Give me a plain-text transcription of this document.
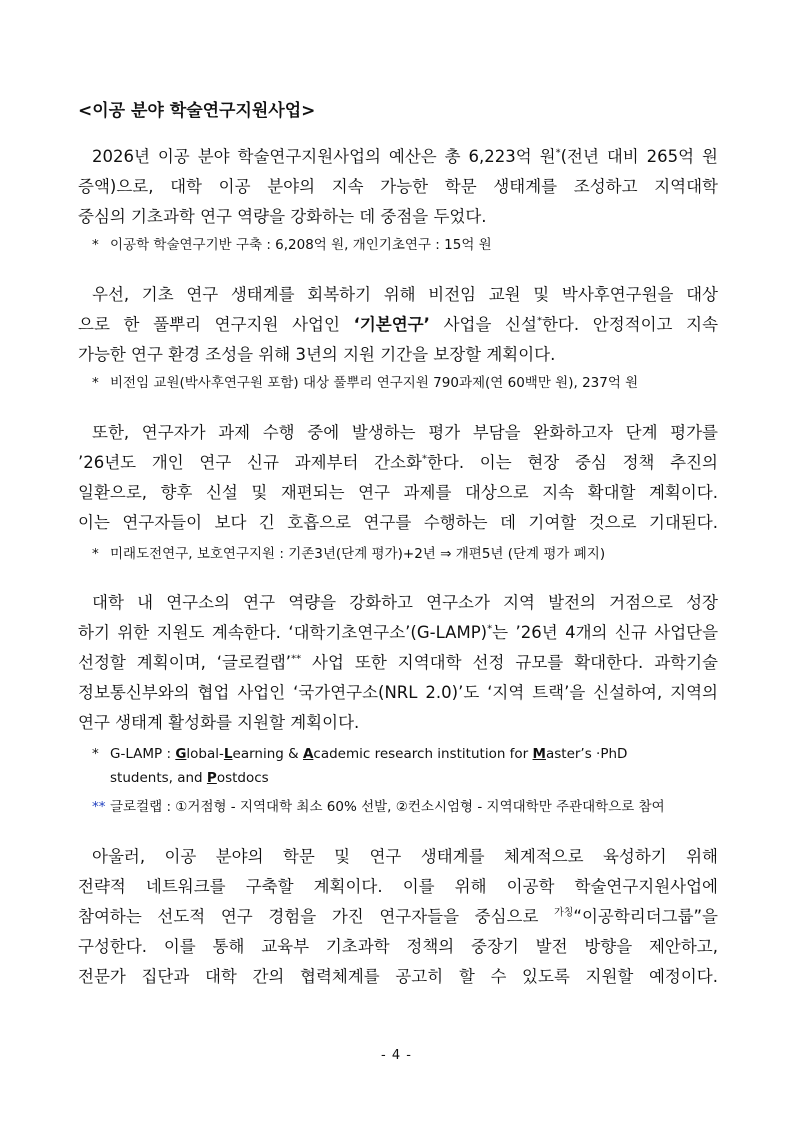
<이공 분야 학술연구지원사업>
2026년 이공 분야 학술연구지원사업의 예산은 총 6,223억 원*(전년 대비 265억 원
증액)으로, 대학 이공 분야의 지속 가능한 학문 생태계를 조성하고 지역대학
중심의 기초과학 연구 역량을 강화하는 데 중점을 두었다.
* 이공학 학술연구기반 구축 : 6,208억 원, 개인기초연구 : 15억 원
우선, 기초 연구 생태계를 회복하기 위해 비전임 교원 및 박사후연구원을 대상
으로 한 풀뿌리 연구지원 사업인 ‘기본연구’ 사업을 신설*한다. 안정적이고 지속
가능한 연구 환경 조성을 위해 3년의 지원 기간을 보장할 계획이다.
* 비전임 교원(박사후연구원 포함) 대상 풀뿌리 연구지원 790과제(연 60백만 원), 237억 원
또한, 연구자가 과제 수행 중에 발생하는 평가 부담을 완화하고자 단계 평가를
’26년도 개인 연구 신규 과제부터 간소화*한다. 이는 현장 중심 정책 추진의
일환으로, 향후 신설 및 재편되는 연구 과제를 대상으로 지속 확대할 계획이다.
이는 연구자들이 보다 긴 호흡으로 연구를 수행하는 데 기여할 것으로 기대된다.
* 미래도전연구, 보호연구지원 : 기존3년(단계 평가)+2년 ⇒ 개편5년 (단계 평가 폐지)
대학 내 연구소의 연구 역량을 강화하고 연구소가 지역 발전의 거점으로 성장
하기 위한 지원도 계속한다. ‘대학기초연구소’(G-LAMP)*는 ’26년 4개의 신규 사업단을
선정할 계획이며, ‘글로컬랩’** 사업 또한 지역대학 선정 규모를 확대한다. 과학기술
정보통신부와의 협업 사업인 ‘국가연구소(NRL 2.0)’도 ‘지역 트랙’을 신설하여, 지역의
연구 생태계 활성화를 지원할 계획이다.
* G-LAMP : Global-Learning & Academic research institution for Master’s ·PhD
students, and Postdocs
** 글로컬랩 : ①거점형 - 지역대학 최소 60% 선발, ②컨소시엄형 - 지역대학만 주관대학으로 참여
아울러, 이공 분야의 학문 및 연구 생태계를 체계적으로 육성하기 위해
전략적 네트워크를 구축할 계획이다. 이를 위해 이공학 학술연구지원사업에
참여하는 선도적 연구 경험을 가진 연구자들을 중심으로 $^{가칭}$“이공학리더그룹”을
구성한다. 이를 통해 교육부 기초과학 정책의 중장기 발전 방향을 제안하고,
전문가 집단과 대학 간의 협력체계를 공고히 할 수 있도록 지원할 예정이다.
- 4 -
